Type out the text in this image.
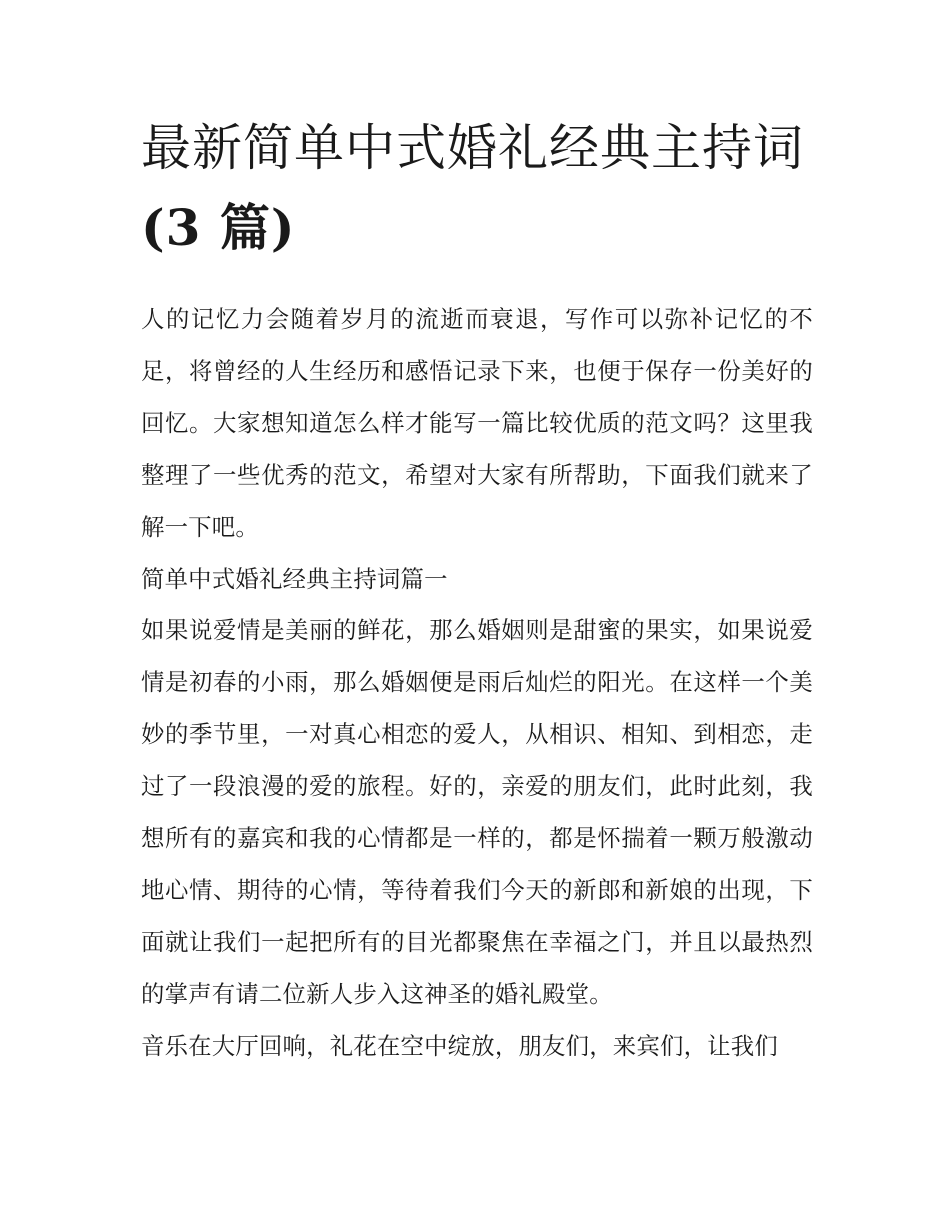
最新简单中式婚礼经典主持词
(3 篇)

人的记忆力会随着岁月的流逝而衰退，写作可以弥补记忆的不足，将曾经的人生经历和感悟记录下来，也便于保存一份美好的回忆。大家想知道怎么样才能写一篇比较优质的范文吗？这里我整理了一些优秀的范文，希望对大家有所帮助，下面我们就来了解一下吧。

简单中式婚礼经典主持词篇一

如果说爱情是美丽的鲜花，那么婚姻则是甜蜜的果实，如果说爱情是初春的小雨，那么婚姻便是雨后灿烂的阳光。在这样一个美妙的季节里，一对真心相恋的爱人，从相识、相知、到相恋，走过了一段浪漫的爱的旅程。好的，亲爱的朋友们，此时此刻，我想所有的嘉宾和我的心情都是一样的，都是怀揣着一颗万般激动地心情、期待的心情，等待着我们今天的新郎和新娘的出现，下面就让我们一起把所有的目光都聚焦在幸福之门，并且以最热烈的掌声有请二位新人步入这神圣的婚礼殿堂。

音乐在大厅回响，礼花在空中绽放，朋友们，来宾们，让我们
